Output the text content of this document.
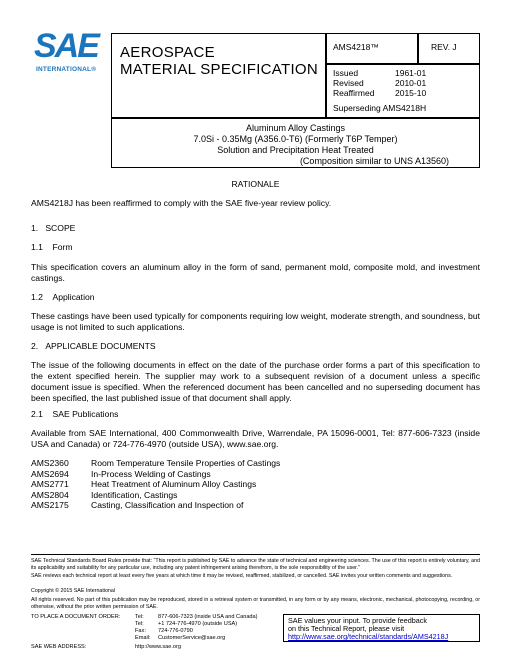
SAE
INTERNATIONAL®
AEROSPACE
MATERIAL SPECIFICATION
AMS4218™	REV. J
Issued	1961-01
Revised	2010-01
Reaffirmed 2015-10
Superseding AMS4218H
Aluminum Alloy Castings
7.0Si - 0.35Mg (A356.0-T6) (Formerly T6P Temper)
Solution and Precipitation Heat Treated
(Composition similar to UNS A13560)
RATIONALE
AMS4218J has been reaffirmed to comply with the SAE five-year review policy.
1.   SCOPE
1.1    Form
This specification covers an aluminum alloy in the form of sand, permanent mold, composite mold, and investment castings.
1.2    Application
These castings have been used typically for components requiring low weight, moderate strength, and soundness, but usage is not limited to such applications.
2.   APPLICABLE DOCUMENTS
The issue of the following documents in effect on the date of the purchase order forms a part of this specification to the extent specified herein. The supplier may work to a subsequent revision of a document unless a specific document issue is specified. When the referenced document has been cancelled and no superseding document has been specified, the last published issue of that document shall apply.
2.1    SAE Publications
Available from SAE International, 400 Commonwealth Drive, Warrendale, PA 15096-0001, Tel: 877-606-7323 (inside USA and Canada) or 724-776-4970 (outside USA), www.sae.org.
AMS2360	Room Temperature Tensile Properties of Castings
AMS2694	In-Process Welding of Castings
AMS2771	Heat Treatment of Aluminum Alloy Castings
AMS2804	Identification, Castings
AMS2175	Casting, Classification and Inspection of
SAE Technical Standards Board Rules provide that: “This report is published by SAE to advance the state of technical and engineering sciences. The use of this report is entirely voluntary, and its applicability and suitability for any particular use, including any patent infringement arising therefrom, is the sole responsibility of the user.”
SAE reviews each technical report at least every five years at which time it may be revised, reaffirmed, stabilized, or cancelled. SAE invites your written comments and suggestions.
Copyright © 2015 SAE International
All rights reserved. No part of this publication may be reproduced, stored in a retrieval system or transmitted, in any form or by any means, electronic, mechanical, photocopying, recording, or otherwise, without the prior written permission of SAE.
TO PLACE A DOCUMENT ORDER:	Tel:	877-606-7323 (inside USA and Canada)
Tel:	+1 724-776-4970 (outside USA)
Fax: 724-776-0790
Email: CustomerService@sae.org
SAE WEB ADDRESS:	http://www.sae.org
SAE values your input. To provide feedback
on this Technical Report, please visit
http://www.sae.org/technical/standards/AMS4218J
